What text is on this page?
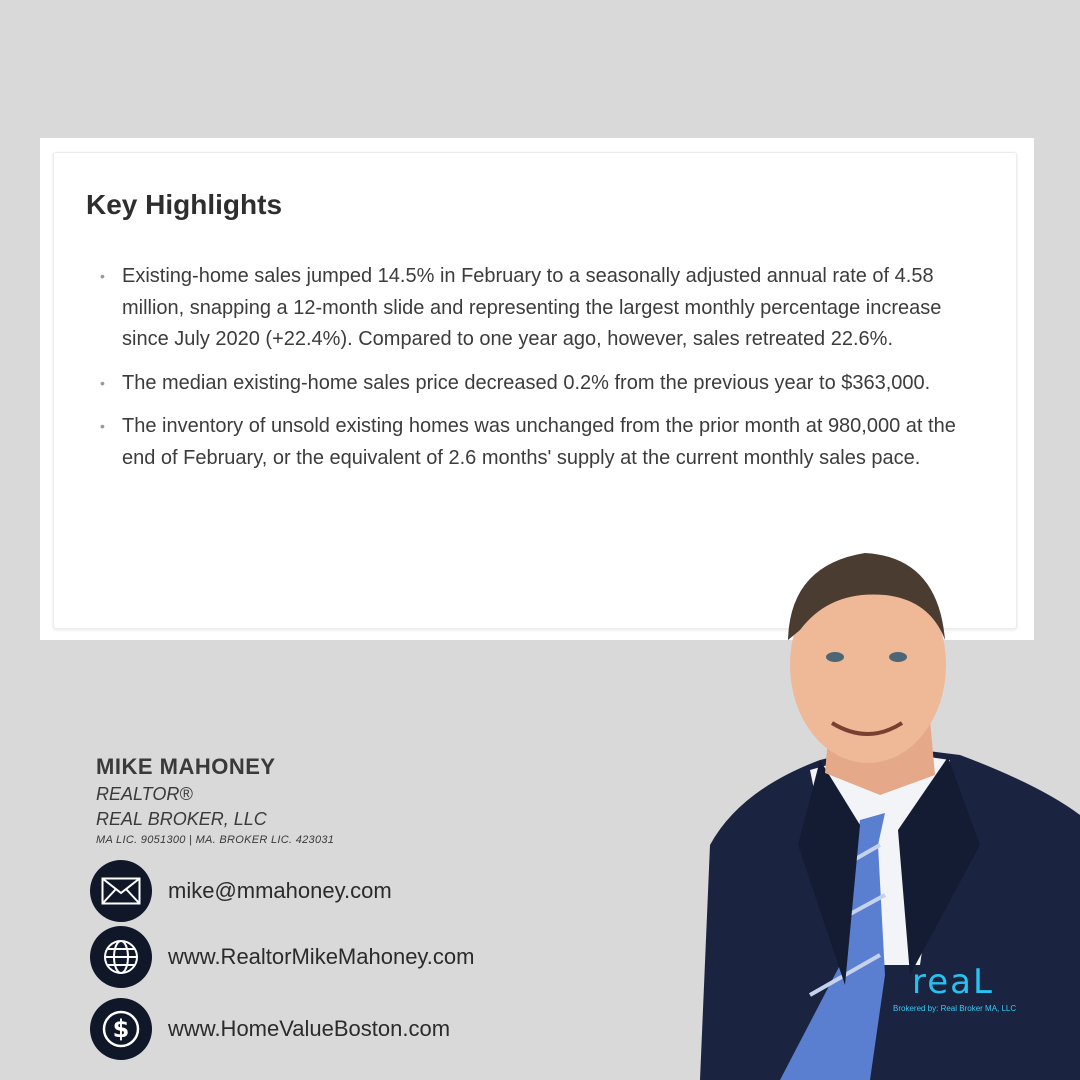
Key Highlights
• Existing-home sales jumped 14.5% in February to a seasonally adjusted annual rate of 4.58 million, snapping a 12-month slide and representing the largest monthly percentage increase since July 2020 (+22.4%). Compared to one year ago, however, sales retreated 22.6%.
• The median existing-home sales price decreased 0.2% from the previous year to $363,000.
• The inventory of unsold existing homes was unchanged from the prior month at 980,000 at the end of February, or the equivalent of 2.6 months' supply at the current monthly sales pace.
MIKE MAHONEY
REALTOR®
REAL BROKER, LLC
MA LIC. 9051300 | MA. BROKER LIC. 423031
mike@mmahoney.com
www.RealtorMikeMahoney.com
$ www.HomeValueBoston.com
reaL
Brokered by: Real Broker MA, LLC
